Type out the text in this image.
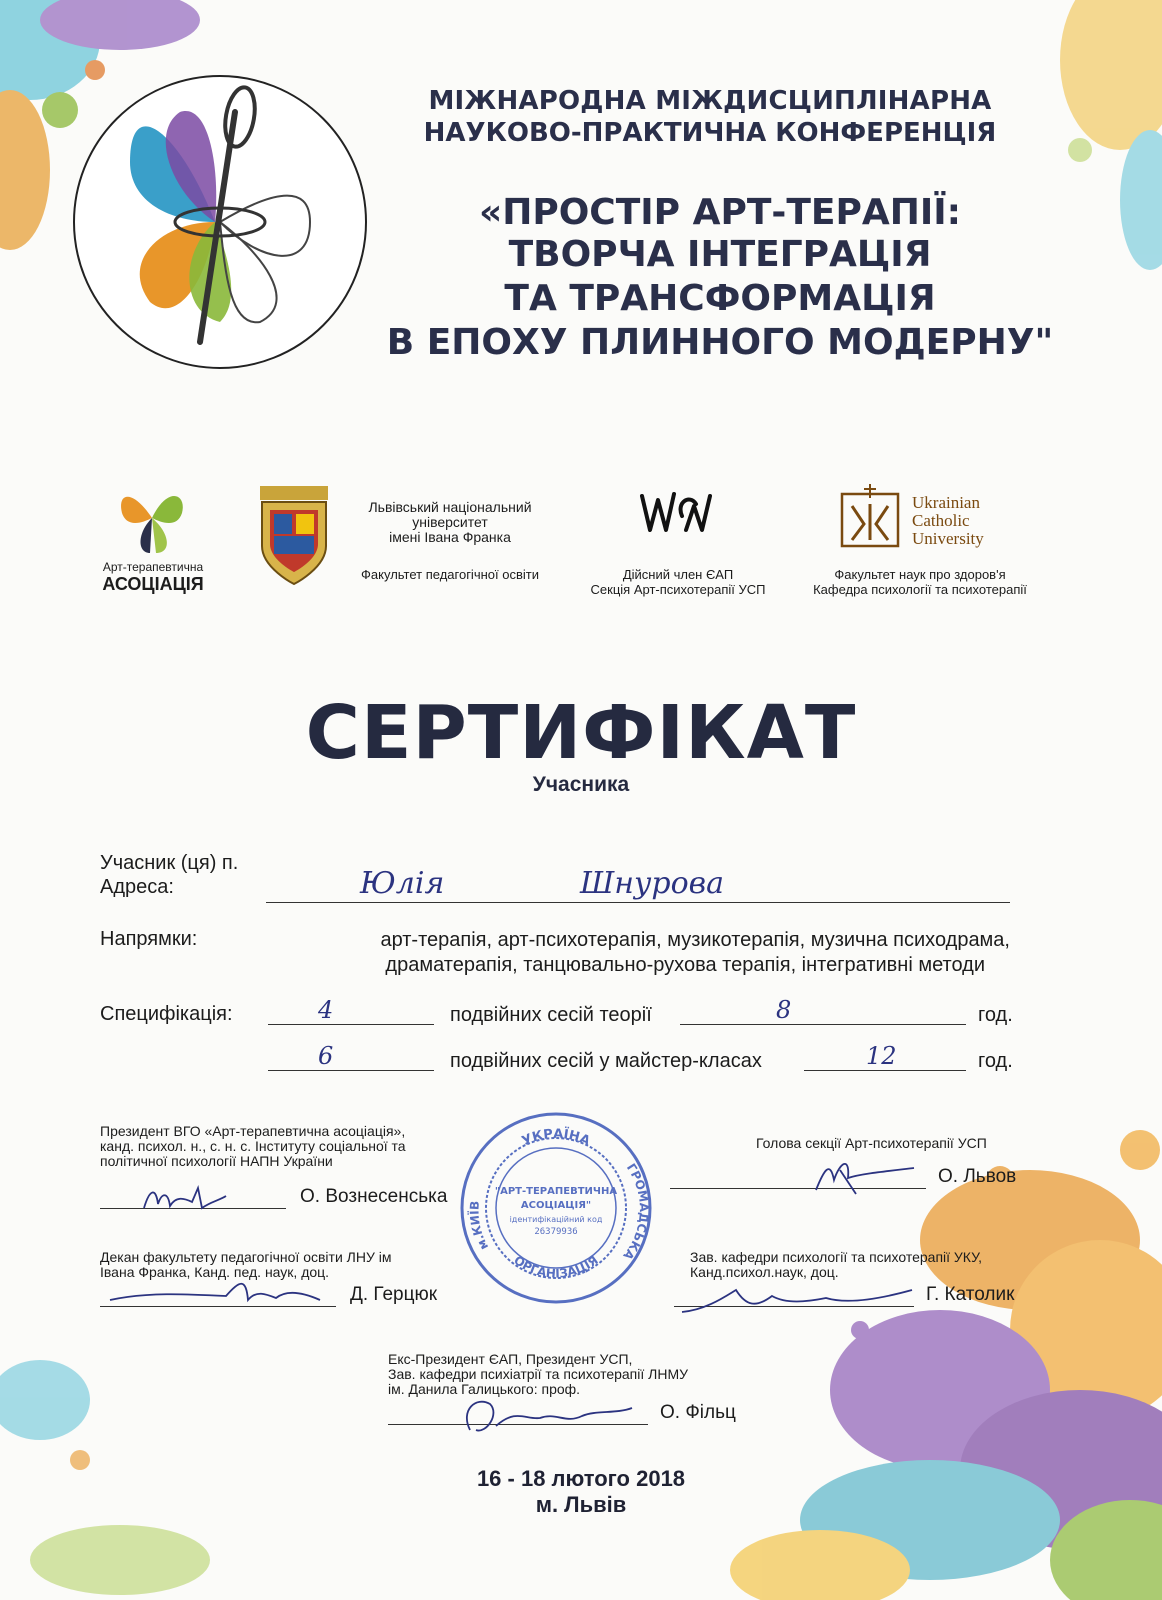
МІЖНАРОДНА МІЖДИСЦИПЛІНАРНА
НАУКОВО-ПРАКТИЧНА КОНФЕРЕНЦІЯ
«ПРОСТІР АРТ-ТЕРАПІЇ:
ТВОРЧА ІНТЕГРАЦІЯ
ТА ТРАНСФОРМАЦІЯ
В ЕПОХУ ПЛИННОГО МОДЕРНУ"
Арт-терапевтична
АСОЦІАЦІЯ
Львівський національний
університет
імені Івана Франка
Факультет педагогічної освіти	Дійсний член ЄАП
Секція Арт-психотерапії УСП
Ukrainian
Catholic
University
Факультет наук про здоров'я
Кафедра психології та психотерапії
СЕРТИФІКАТ
Учасника
Учасник (ця) п.
Адреса:	Юлія	Шнурова
Напрямки:	арт-терапія, арт-психотерапія, музикотерапія, музична психодрама,
драматерапія, танцювально-рухова терапія, інтегративні методи
Специфікація:	4	подвійних сесій теорії	8	год.
6	подвійних сесій у майстер-класах	12	год.
УКРАЇНА
м.КИЇВ
ГРОМАДСЬКА
ОРГАНІЗАЦІЯ
"АРТ-ТЕРАПЕВТИЧНА
АСОЦІАЦІЯ"
ідентифікаційний код
26379936
Президент ВГО «Арт-терапевтична асоціація»,
канд. психол. н., с. н. с. Інституту соціальної та
політичної психології НАПН України
О. Вознесенська
Голова секції Арт-психотерапії УСП
О. Львов
Декан факультету педагогічної освіти ЛНУ ім
Івана Франка, Канд. пед. наук, доц.
Д. Герцюк
Зав. кафедри психології та психотерапії УКУ,
Канд.психол.наук, доц.
Г. Католик
Екс-Президент ЄАП, Президент УСП,
Зав. кафедри психіатрії та психотерапії ЛНМУ
ім. Данила Галицького: проф.
О. Фільц
16 - 18 лютого 2018
м. Львів
